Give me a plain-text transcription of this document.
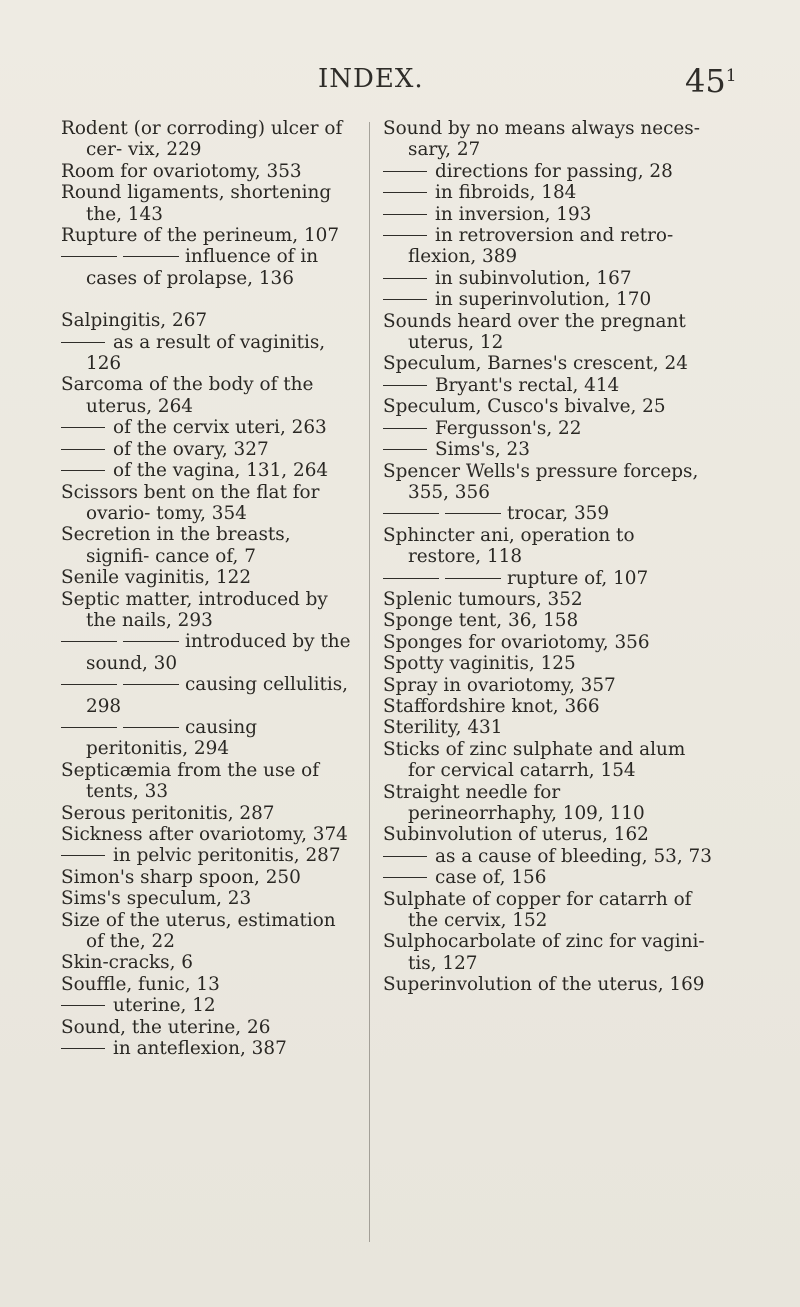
INDEX.	$45^1$

Rodent (or corroding) ulcer of cer- vix, 229

Room for ovariotomy, 353

Round ligaments, shortening the, 143

Rupture of the perineum, 107

influence of in cases of prolapse, 136

Salpingitis, 267

as a result of vaginitis, 126

Sarcoma of the body of the uterus, 264

of the cervix uteri, 263

of the ovary, 327

of the vagina, 131, 264

Scissors bent on the flat for ovario- tomy, 354

Secretion in the breasts, signifi- cance of, 7

Senile vaginitis, 122

Septic matter, introduced by the nails, 293

introduced by the sound, 30

causing cellulitis, 298

causing peritonitis, 294

Septicæmia from the use of tents, 33

Serous peritonitis, 287

Sickness after ovariotomy, 374

in pelvic peritonitis, 287

Simon's sharp spoon, 250

Sims's speculum, 23

Size of the uterus, estimation of the, 22

Skin-cracks, 6

Souffle, funic, 13

uterine, 12

Sound, the uterine, 26

in anteflexion, 387

Sound by no means always neces- sary, 27

directions for passing, 28

in fibroids, 184

in inversion, 193

in retroversion and retro- flexion, 389

in subinvolution, 167

in superinvolution, 170

Sounds heard over the pregnant uterus, 12

Speculum, Barnes's crescent, 24

Bryant's rectal, 414

Speculum, Cusco's bivalve, 25

Fergusson's, 22

Sims's, 23

Spencer Wells's pressure forceps, 355, 356

trocar, 359

Sphincter ani, operation to restore, 118

rupture of, 107

Splenic tumours, 352

Sponge tent, 36, 158

Sponges for ovariotomy, 356

Spotty vaginitis, 125

Spray in ovariotomy, 357

Staffordshire knot, 366

Sterility, 431

Sticks of zinc sulphate and alum for cervical catarrh, 154

Straight needle for perineorrhaphy, 109, 110

Subinvolution of uterus, 162

as a cause of bleeding, 53, 73

case of, 156

Sulphate of copper for catarrh of the cervix, 152

Sulphocarbolate of zinc for vagini- tis, 127

Superinvolution of the uterus, 169
